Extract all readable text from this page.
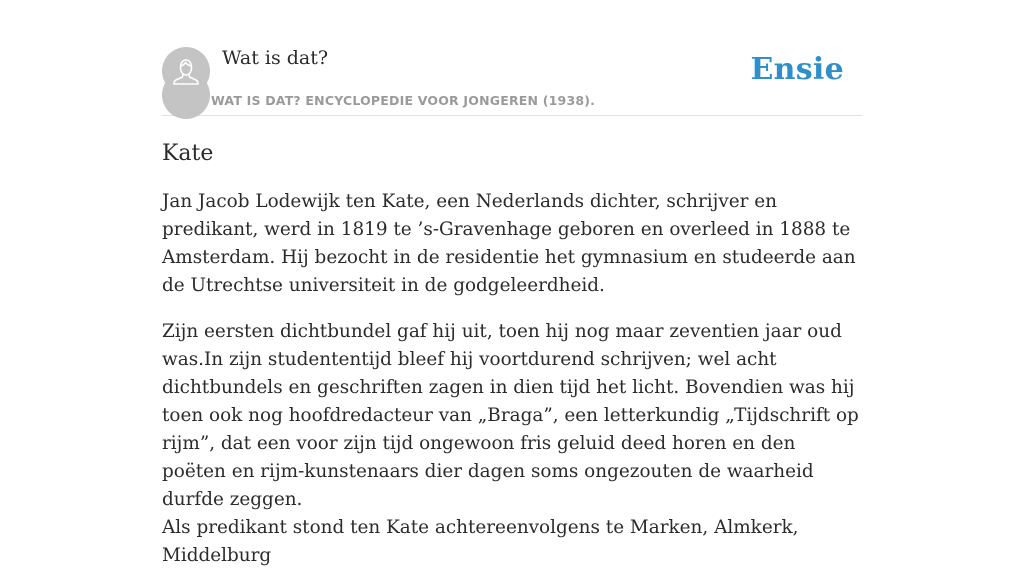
Wat is dat?
WAT IS DAT? ENCYCLOPEDIE VOOR JONGEREN (1938).
Ensie
Kate

Jan Jacob Lodewijk ten Kate, een Nederlands dichter, schrijver en predikant, werd in 1819 te ’s-Gravenhage geboren en overleed in 1888 te Amsterdam. Hij bezocht in de residentie het gymnasium en studeerde aan de Utrechtse universiteit in de godgeleerdheid.

Zijn eersten dichtbundel gaf hij uit, toen hij nog maar zeventien jaar oud was.In zijn studententijd bleef hij voortdurend schrijven; wel acht dichtbundels en geschriften zagen in dien tijd het licht. Bovendien was hij toen ook nog hoofdredacteur van „Braga”, een letterkundig „Tijdschrift op rijm”, dat een voor zijn tijd ongewoon fris geluid deed horen en den poëten en rijm-kunstenaars dier dagen soms ongezouten de waarheid durfde zeggen.

Als predikant stond ten Kate achtereenvolgens te Marken, Almkerk, Middelburg
